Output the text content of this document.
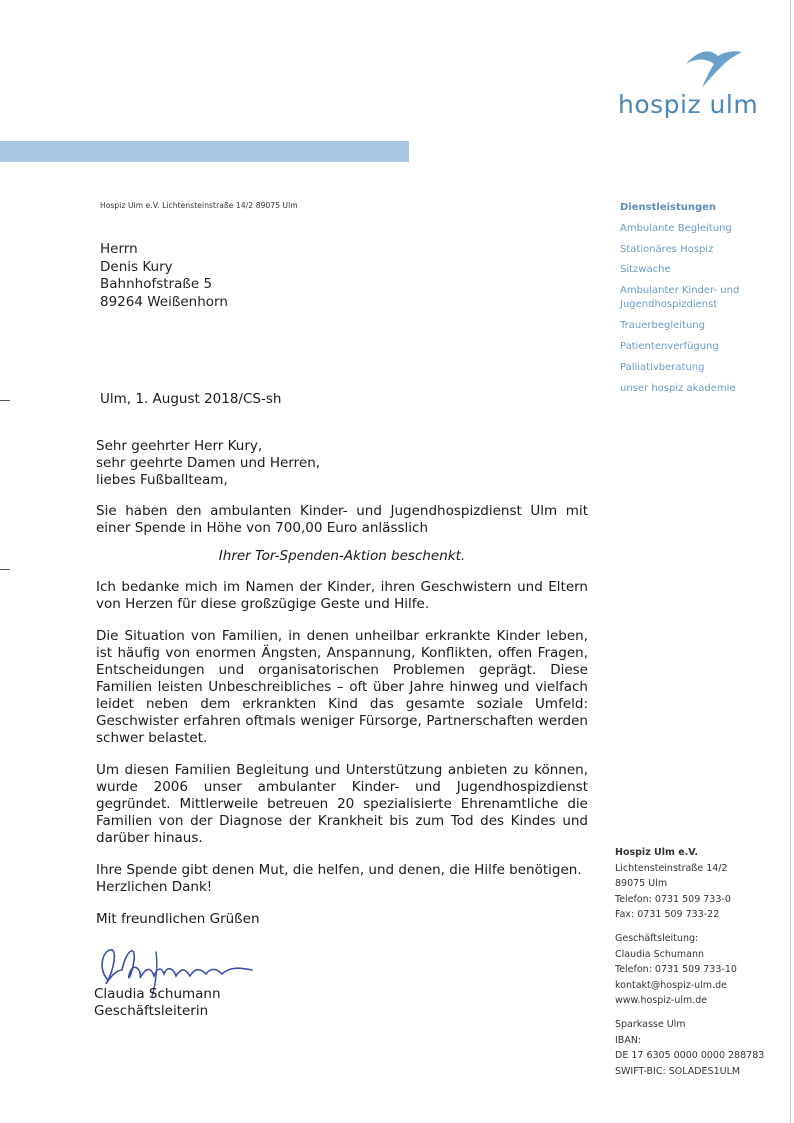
hospiz ulm
Hospiz Ulm e.V. Lichtensteinstraße 14/2 89075 Ulm
Herrn
Denis Kury
Bahnhofstraße 5
89264 Weißenhorn
Dienstleistungen
Ambulante Begleitung
Stationäres Hospiz
Sitzwache
Ambulanter Kinder- und
Jugendhospizdienst
Trauerbegleitung
Patientenverfügung
Palliativberatung
unser hospiz akademie
Ulm, 1. August 2018/CS-sh

Sehr geehrter Herr Kury,
sehr geehrte Damen und Herren,
liebes Fußballteam,

Sie haben den ambulanten Kinder- und Jugendhospizdienst Ulm mit einer Spende in Höhe von 700,00 Euro anlässlich

Ihrer Tor-Spenden-Aktion beschenkt.

Ich bedanke mich im Namen der Kinder, ihren Geschwistern und Eltern von Herzen für diese großzügige Geste und Hilfe.

Die Situation von Familien, in denen unheilbar erkrankte Kinder leben, ist häufig von enormen Ängsten, Anspannung, Konflikten, offen Fragen, Entscheidungen und organisatorischen Problemen geprägt. Diese Familien leisten Unbeschreibliches – oft über Jahre hinweg und vielfach leidet neben dem erkrankten Kind das gesamte soziale Umfeld: Geschwister erfahren oftmals weniger Fürsorge, Partnerschaften werden schwer belastet.

Um diesen Familien Begleitung und Unterstützung anbieten zu können, wurde 2006 unser ambulanter Kinder- und Jugendhospizdienst gegründet. Mittlerweile betreuen 20 spezialisierte Ehrenamtliche die Familien von der Diagnose der Krankheit bis zum Tod des Kindes und darüber hinaus.

Ihre Spende gibt denen Mut, die helfen, und denen, die Hilfe benötigen.
Herzlichen Dank!

Mit freundlichen Grüßen

Claudia Schumann
Geschäftsleiterin
Hospiz Ulm e.V.
Lichtensteinstraße 14/2
89075 Ulm
Telefon: 0731 509 733-0
Fax: 0731 509 733-22
Geschäftsleitung:
Claudia Schumann
Telefon: 0731 509 733-10
kontakt@hospiz-ulm.de
www.hospiz-ulm.de
Sparkasse Ulm
IBAN:
DE 17 6305 0000 0000 288783
SWIFT-BIC: SOLADES1ULM
